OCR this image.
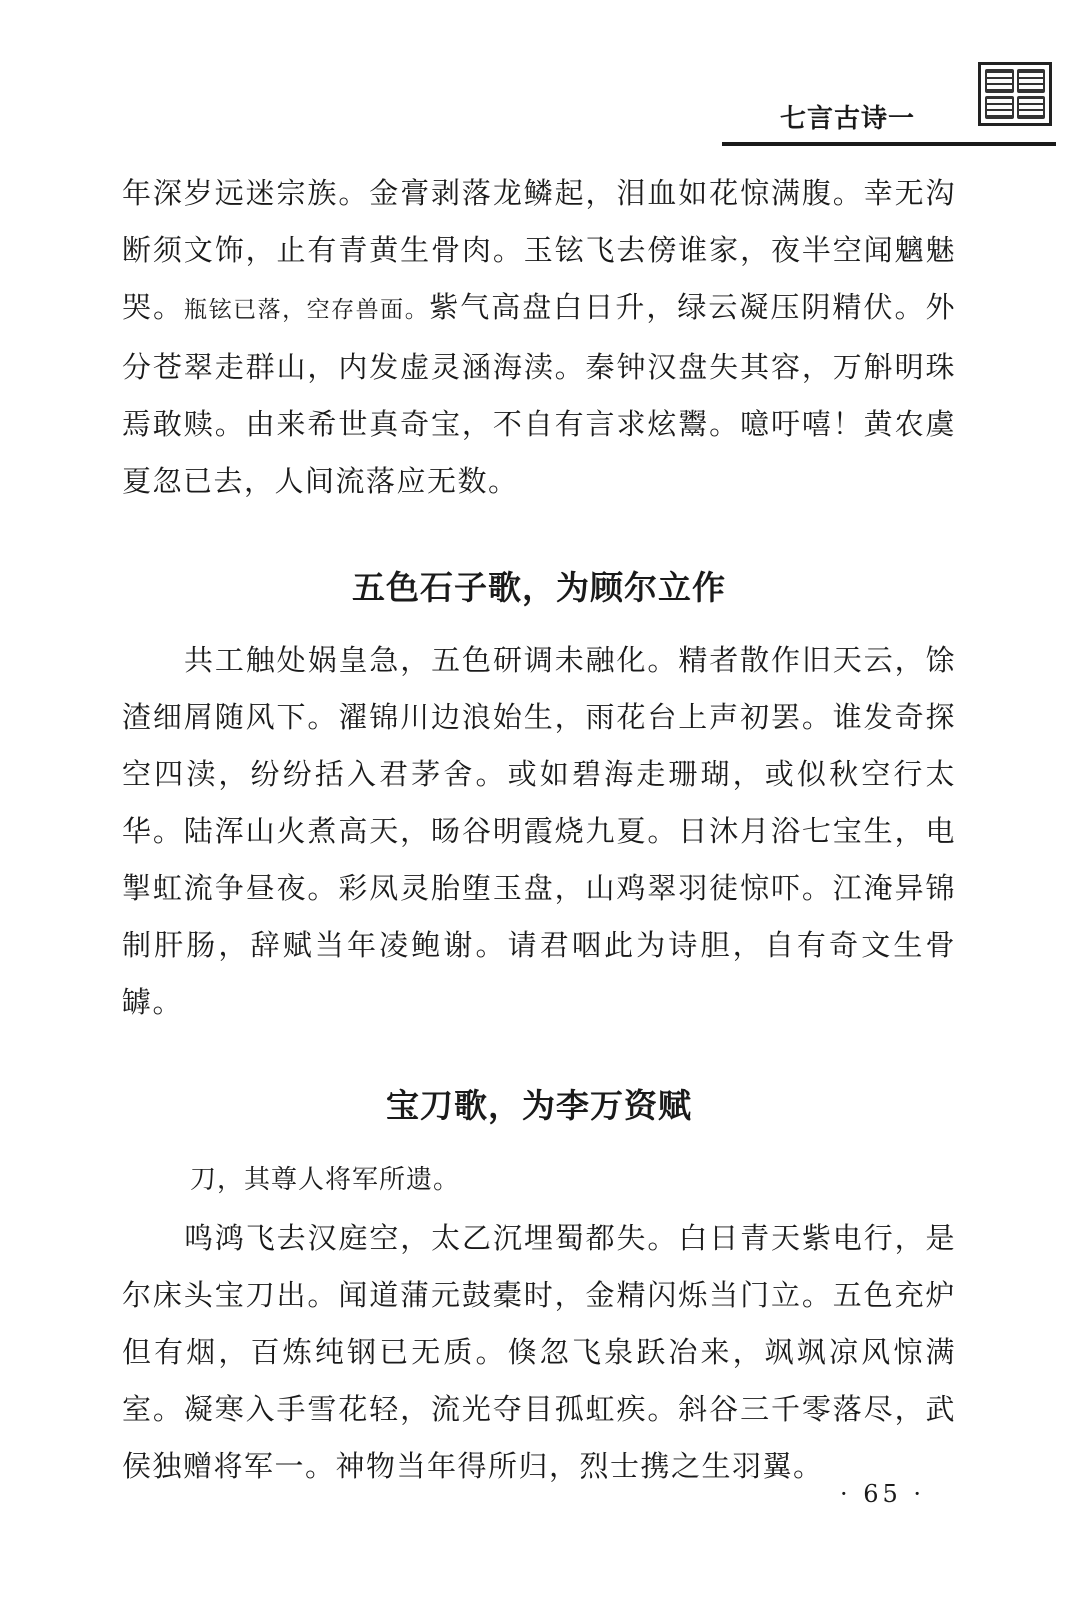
七言古诗一

年深岁远迷宗族。金膏剥落龙鳞起，泪血如花惊满腹。幸无沟断须文饰，止有青黄生骨肉。玉铉飞去傍谁家，夜半空闻魑魅哭。瓶铉已落，空存兽面。紫气高盘白日升，绿云凝压阴精伏。外分苍翠走群山，内发虚灵涵海渎。秦钟汉盘失其容，万斛明珠焉敢赎。由来希世真奇宝，不自有言求炫鬻。噫吁嘻！黄农虞夏忽已去，人间流落应无数。

五色石子歌，为顾尔立作

共工触处娲皇急，五色研调未融化。精者散作旧天云，馀渣细屑随风下。濯锦川边浪始生，雨花台上声初罢。谁发奇探空四渎，纷纷括入君茅舍。或如碧海走珊瑚，或似秋空行太华。陆浑山火煮高天，旸谷明霞烧九夏。日沐月浴七宝生，电掣虹流争昼夜。彩凤灵胎堕玉盘，山鸡翠羽徒惊吓。江淹异锦制肝肠，辞赋当年凌鲍谢。请君咽此为诗胆，自有奇文生骨罅。

宝刀歌，为李万资赋

刀，其尊人将军所遗。

鸣鸿飞去汉庭空，太乙沉埋蜀都失。白日青天紫电行，是尔床头宝刀出。闻道蒲元鼓橐时，金精闪烁当门立。五色充炉但有烟，百炼纯钢已无质。倏忽飞泉跃冶来，飒飒凉风惊满室。凝寒入手雪花轻，流光夺目孤虹疾。斜谷三千零落尽，武侯独赠将军一。神物当年得所归，烈士携之生羽翼。

· 65 ·
